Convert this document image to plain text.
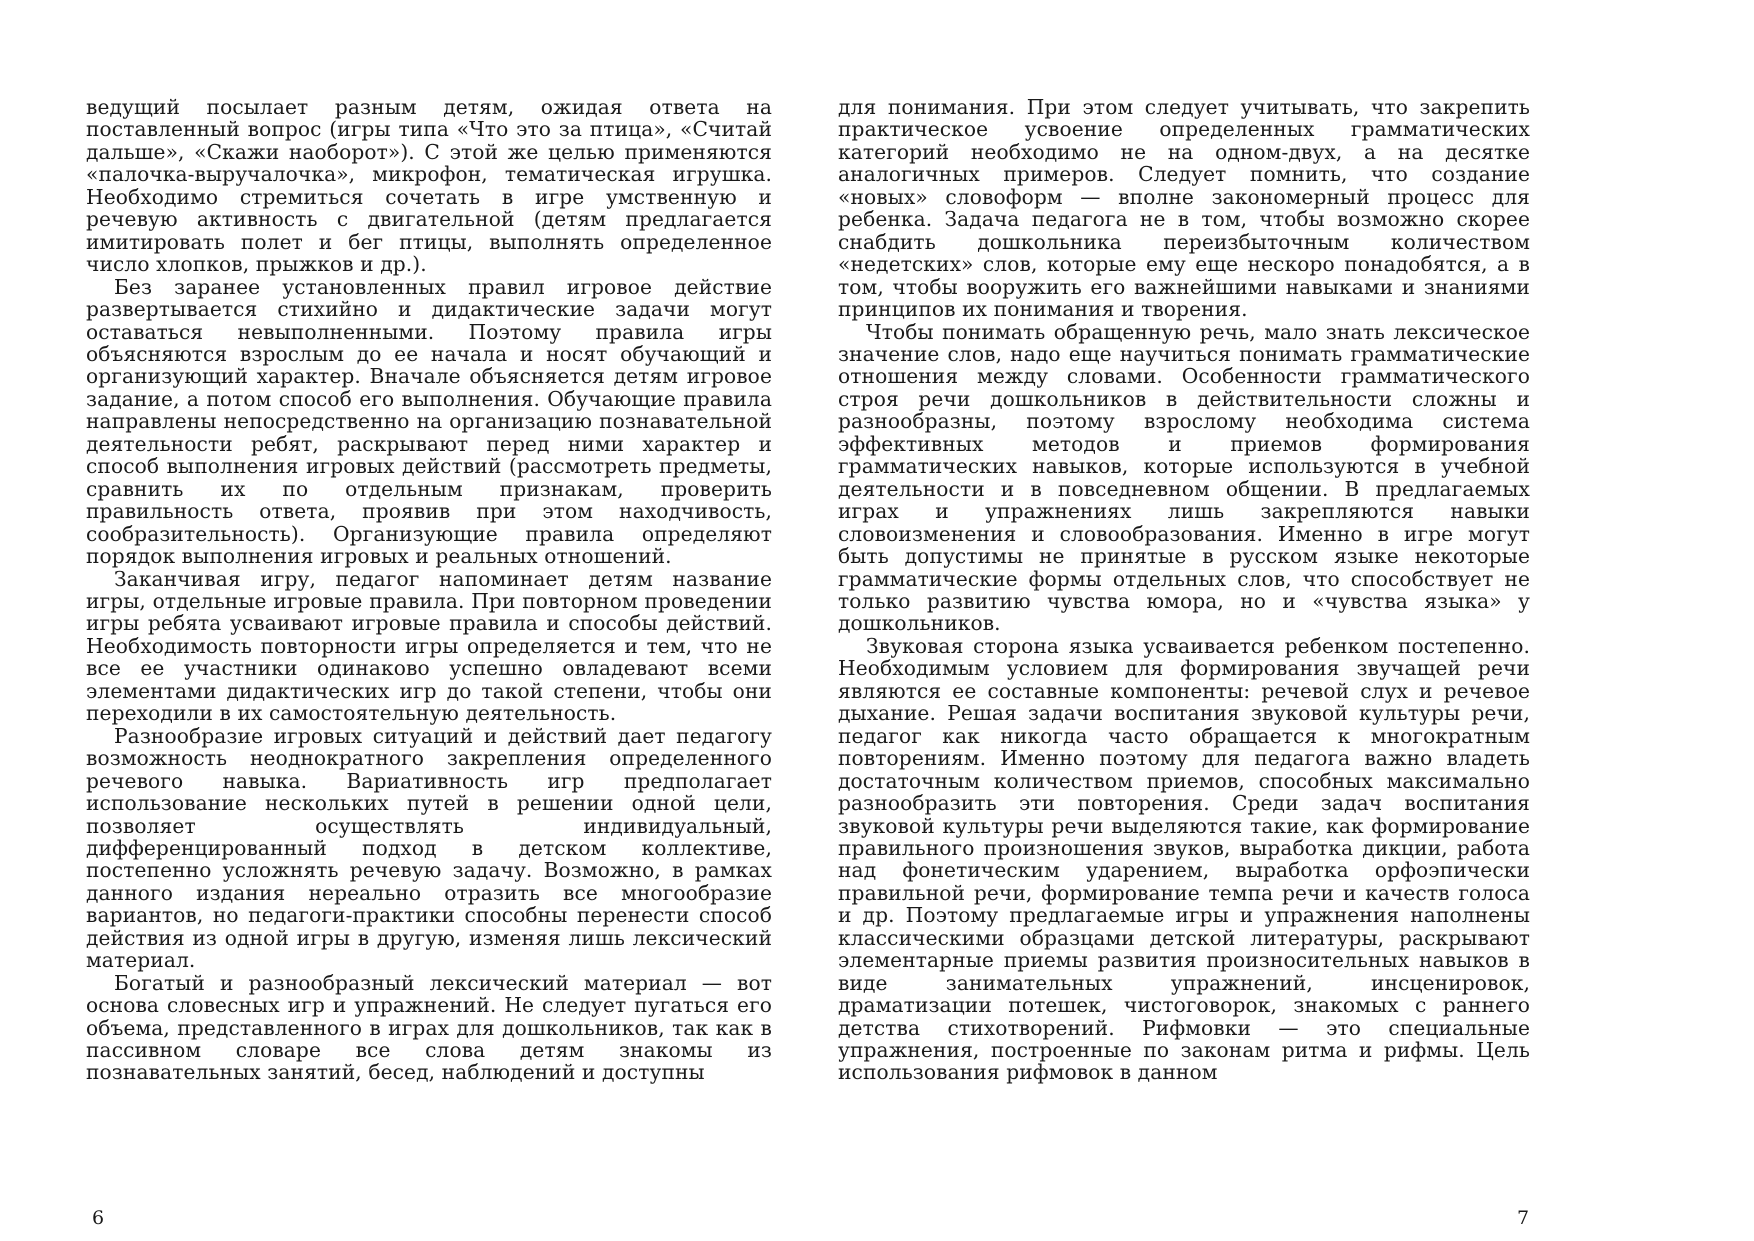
ведущий посылает разным детям, ожидая ответа на поставленный вопрос (игры типа «Что это за птица», «Считай дальше», «Скажи наоборот»). С этой же целью применяются «палочка-выручалочка», микрофон, тематическая игрушка. Необходимо стремиться сочетать в игре умственную и речевую активность с двигательной (детям предлагается имитировать полет и бег птицы, выполнять определенное число хлопков, прыжков и др.).

Без заранее установленных правил игровое действие развертывается стихийно и дидактические задачи могут оставаться невыполненными. Поэтому правила игры объясняются взрослым до ее начала и носят обучающий и организующий характер. Вначале объясняется детям игровое задание, а потом способ его выполнения. Обучающие правила направлены непосредственно на организацию познавательной деятельности ребят, раскрывают перед ними характер и способ выполнения игровых действий (рассмотреть предметы, сравнить их по отдельным признакам, проверить правильность ответа, проявив при этом находчивость, сообразительность). Организующие правила определяют порядок выполнения игровых и реальных отношений.

Заканчивая игру, педагог напоминает детям название игры, отдельные игровые правила. При повторном проведении игры ребята усваивают игровые правила и способы действий. Необходимость повторности игры определяется и тем, что не все ее участники одинаково успешно овладевают всеми элементами дидактических игр до такой степени, чтобы они переходили в их самостоятельную деятельность.

Разнообразие игровых ситуаций и действий дает педагогу возможность неоднократного закрепления определенного речевого навыка. Вариативность игр предполагает использование нескольких путей в решении одной цели, позволяет осуществлять индивидуальный, дифференцированный подход в детском коллективе, постепенно усложнять речевую задачу. Возможно, в рамках данного издания нереально отразить все многообразие вариантов, но педагоги-практики способны перенести способ действия из одной игры в другую, изменяя лишь лексический материал.

Богатый и разнообразный лексический материал — вот основа словесных игр и упражнений. Не следует пугаться его объема, представленного в играх для дошкольников, так как в пассивном словаре все слова детям знакомы из познавательных занятий, бесед, наблюдений и доступны

6

для понимания. При этом следует учитывать, что закрепить практическое усвоение определенных грамматических категорий необходимо не на одном-двух, а на десятке аналогичных примеров. Следует помнить, что создание «новых» словоформ — вполне закономерный процесс для ребенка. Задача педагога не в том, чтобы возможно скорее снабдить дошкольника переизбыточным количеством «недетских» слов, которые ему еще нескоро понадобятся, а в том, чтобы вооружить его важнейшими навыками и знаниями принципов их понимания и творения.

Чтобы понимать обращенную речь, мало знать лексическое значение слов, надо еще научиться понимать грамматические отношения между словами. Особенности грамматического строя речи дошкольников в действительности сложны и разнообразны, поэтому взрослому необходима система эффективных методов и приемов формирования грамматических навыков, которые используются в учебной деятельности и в повседневном общении. В предлагаемых играх и упражнениях лишь закрепляются навыки словоизменения и словообразования. Именно в игре могут быть допустимы не принятые в русском языке некоторые грамматические формы отдельных слов, что способствует не только развитию чувства юмора, но и «чувства языка» у дошкольников.

Звуковая сторона языка усваивается ребенком постепенно. Необходимым условием для формирования звучащей речи являются ее составные компоненты: речевой слух и речевое дыхание. Решая задачи воспитания звуковой культуры речи, педагог как никогда часто обращается к многократным повторениям. Именно поэтому для педагога важно владеть достаточным количеством приемов, способных максимально разнообразить эти повторения. Среди задач воспитания звуковой культуры речи выделяются такие, как формирование правильного произношения звуков, выработка дикции, работа над фонетическим ударением, выработка орфоэпически правильной речи, формирование темпа речи и качеств голоса и др. Поэтому предлагаемые игры и упражнения наполнены классическими образцами детской литературы, раскрывают элементарные приемы развития произносительных навыков в виде занимательных упражнений, инсценировок, драматизации потешек, чистоговорок, знакомых с раннего детства стихотворений. Рифмовки — это специальные упражнения, построенные по законам ритма и рифмы. Цель использования рифмовок в данном

7
